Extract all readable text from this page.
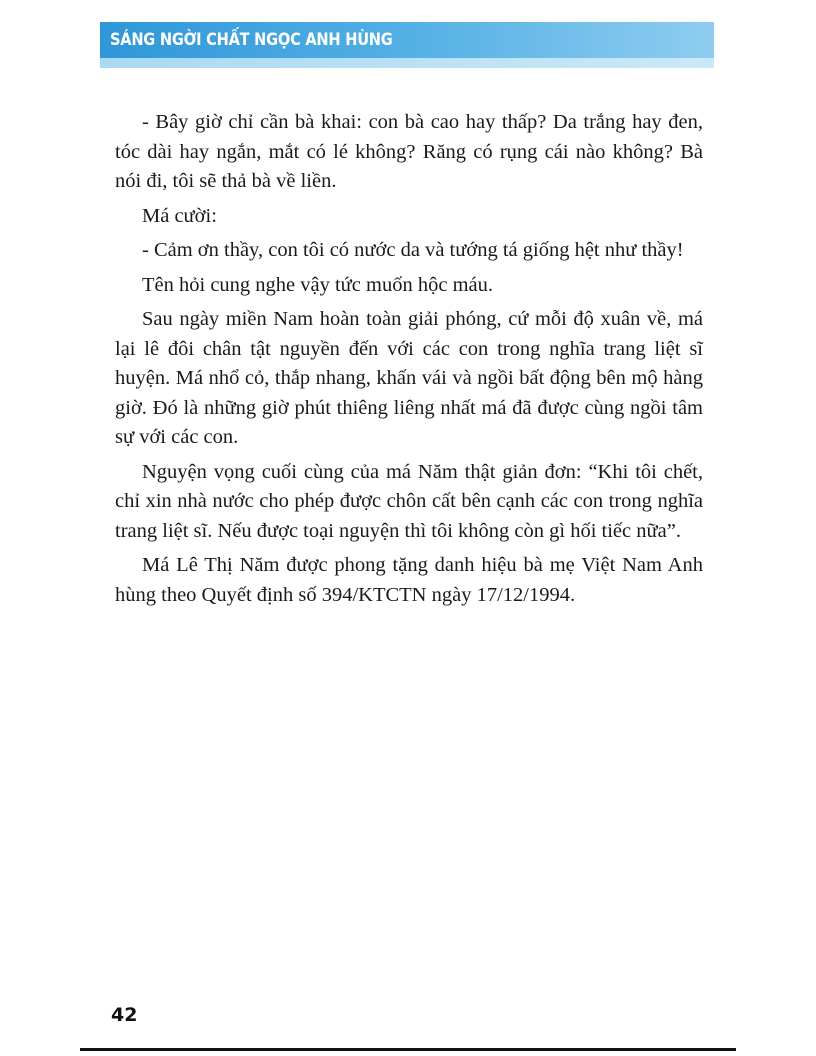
SÁNG NGỜI CHẤT NGỌC ANH HÙNG

- Bây giờ chỉ cần bà khai: con bà cao hay thấp? Da trắng hay đen, tóc dài hay ngắn, mắt có lé không? Răng có rụng cái nào không? Bà nói đi, tôi sẽ thả bà về liền.

Má cười:

- Cảm ơn thầy, con tôi có nước da và tướng tá giống hệt như thầy!

Tên hỏi cung nghe vậy tức muốn hộc máu.

Sau ngày miền Nam hoàn toàn giải phóng, cứ mỗi độ xuân về, má lại lê đôi chân tật nguyền đến với các con trong nghĩa trang liệt sĩ huyện. Má nhổ cỏ, thắp nhang, khấn vái và ngồi bất động bên mộ hàng giờ. Đó là những giờ phút thiêng liêng nhất má đã được cùng ngồi tâm sự với các con.

Nguyện vọng cuối cùng của má Năm thật giản đơn: “Khi tôi chết, chỉ xin nhà nước cho phép được chôn cất bên cạnh các con trong nghĩa trang liệt sĩ. Nếu được toại nguyện thì tôi không còn gì hối tiếc nữa”.

Má Lê Thị Năm được phong tặng danh hiệu bà mẹ Việt Nam Anh hùng theo Quyết định số 394/KTCTN ngày 17/12/1994.

42
